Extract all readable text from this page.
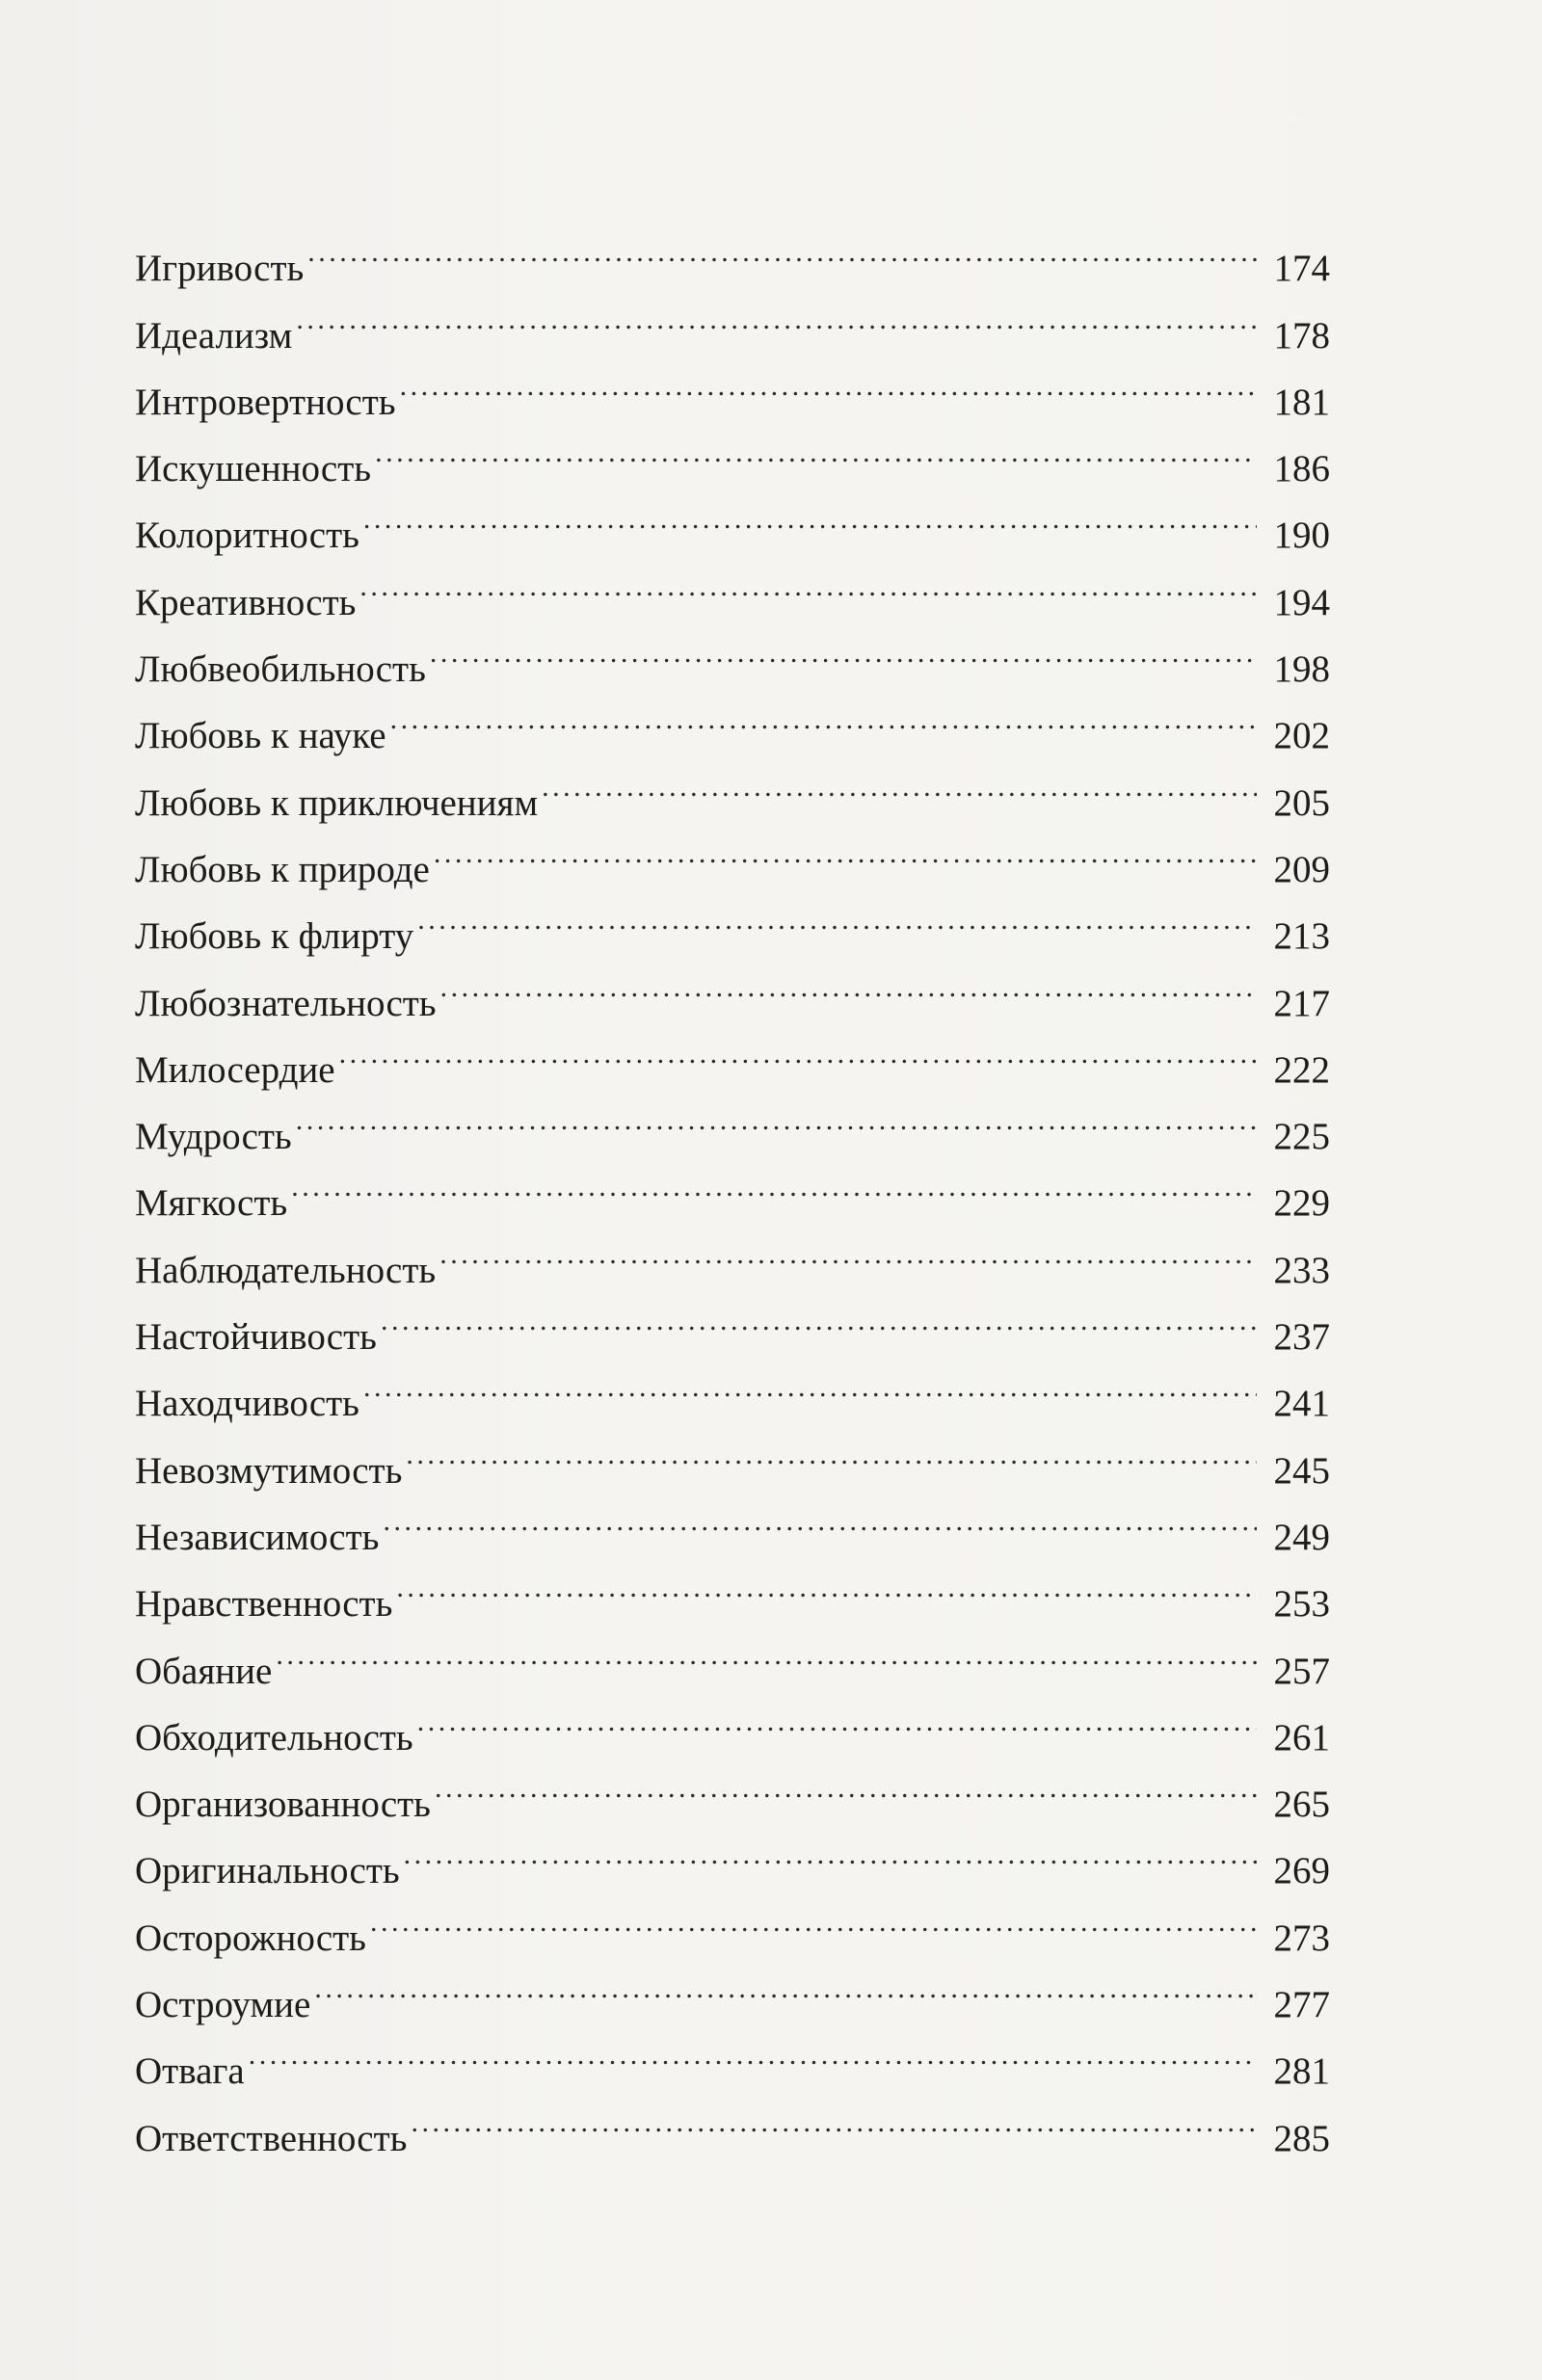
Игривость . . .	174
Идеализм . . .	178
Интровертность . . .	181
Искушенность . . .	186
Колоритность . . .	190
Креативность . . .	194
Любвеобильность . . .	198
Любовь к науке . . .	202
Любовь к приключениям . . .	205
Любовь к природе . . .	209
Любовь к флирту . . .	213
Любознательность . . .	217
Милосердие . . .	222
Мудрость . . .	225
Мягкость . . .	229
Наблюдательность . . .	233
Настойчивость . . .	237
Находчивость . . .	241
Невозмутимость . . .	245
Независимость . . .	249
Нравственность . . .	253
Обаяние . . .	257
Обходительность . . .	261
Организованность . . .	265
Оригинальность . . .	269
Осторожность . . .	273
Остроумие . . .	277
Отвага . . .	281
Ответственность . . .	285
